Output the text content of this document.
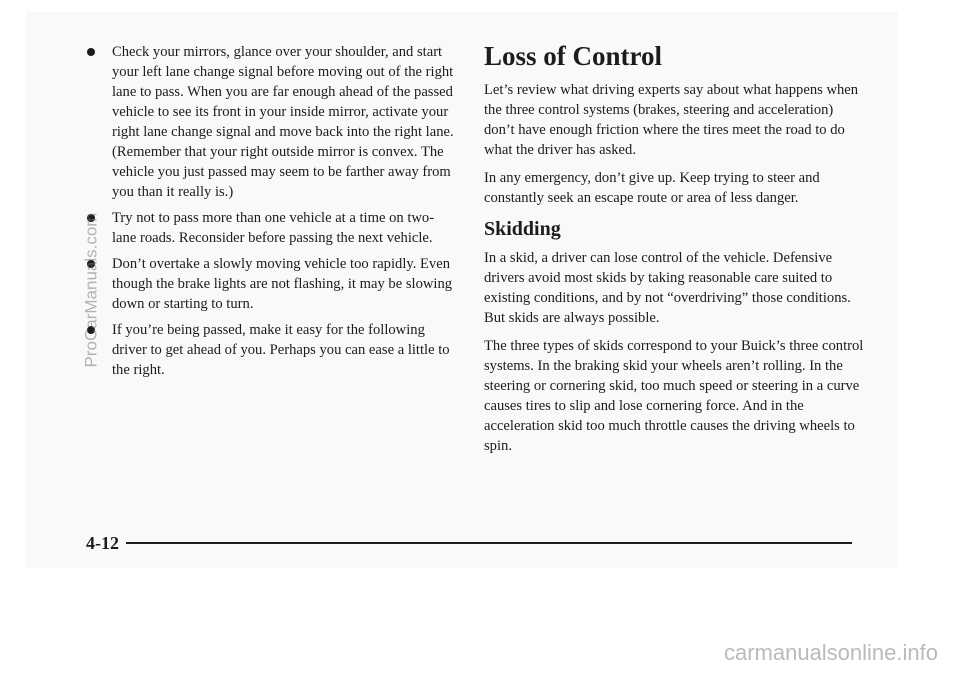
Check your mirrors, glance over your shoulder, and start your left lane change signal before moving out of the right lane to pass. When you are far enough ahead of the passed vehicle to see its front in your inside mirror, activate your right lane change signal and move back into the right lane. (Remember that your right outside mirror is convex. The vehicle you just passed may seem to be farther away from you than it really is.)
Try not to pass more than one vehicle at a time on two-lane roads. Reconsider before passing the next vehicle.
Don’t overtake a slowly moving vehicle too rapidly. Even though the brake lights are not flashing, it may be slowing down or starting to turn.
If you’re being passed, make it easy for the following driver to get ahead of you. Perhaps you can ease a little to the right.
Loss of Control

Let’s review what driving experts say about what happens when the three control systems (brakes, steering and acceleration) don’t have enough friction where the tires meet the road to do what the driver has asked.

In any emergency, don’t give up. Keep trying to steer and constantly seek an escape route or area of less danger.

Skidding

In a skid, a driver can lose control of the vehicle. Defensive drivers avoid most skids by taking reasonable care suited to existing conditions, and by not “overdriving” those conditions. But skids are always possible.

The three types of skids correspond to your Buick’s three control systems. In the braking skid your wheels aren’t rolling. In the steering or cornering skid, too much speed or steering in a curve causes tires to slip and lose cornering force. And in the acceleration skid too much throttle causes the driving wheels to spin.

4-12
ProCarManuals.com
carmanualsonline.info
